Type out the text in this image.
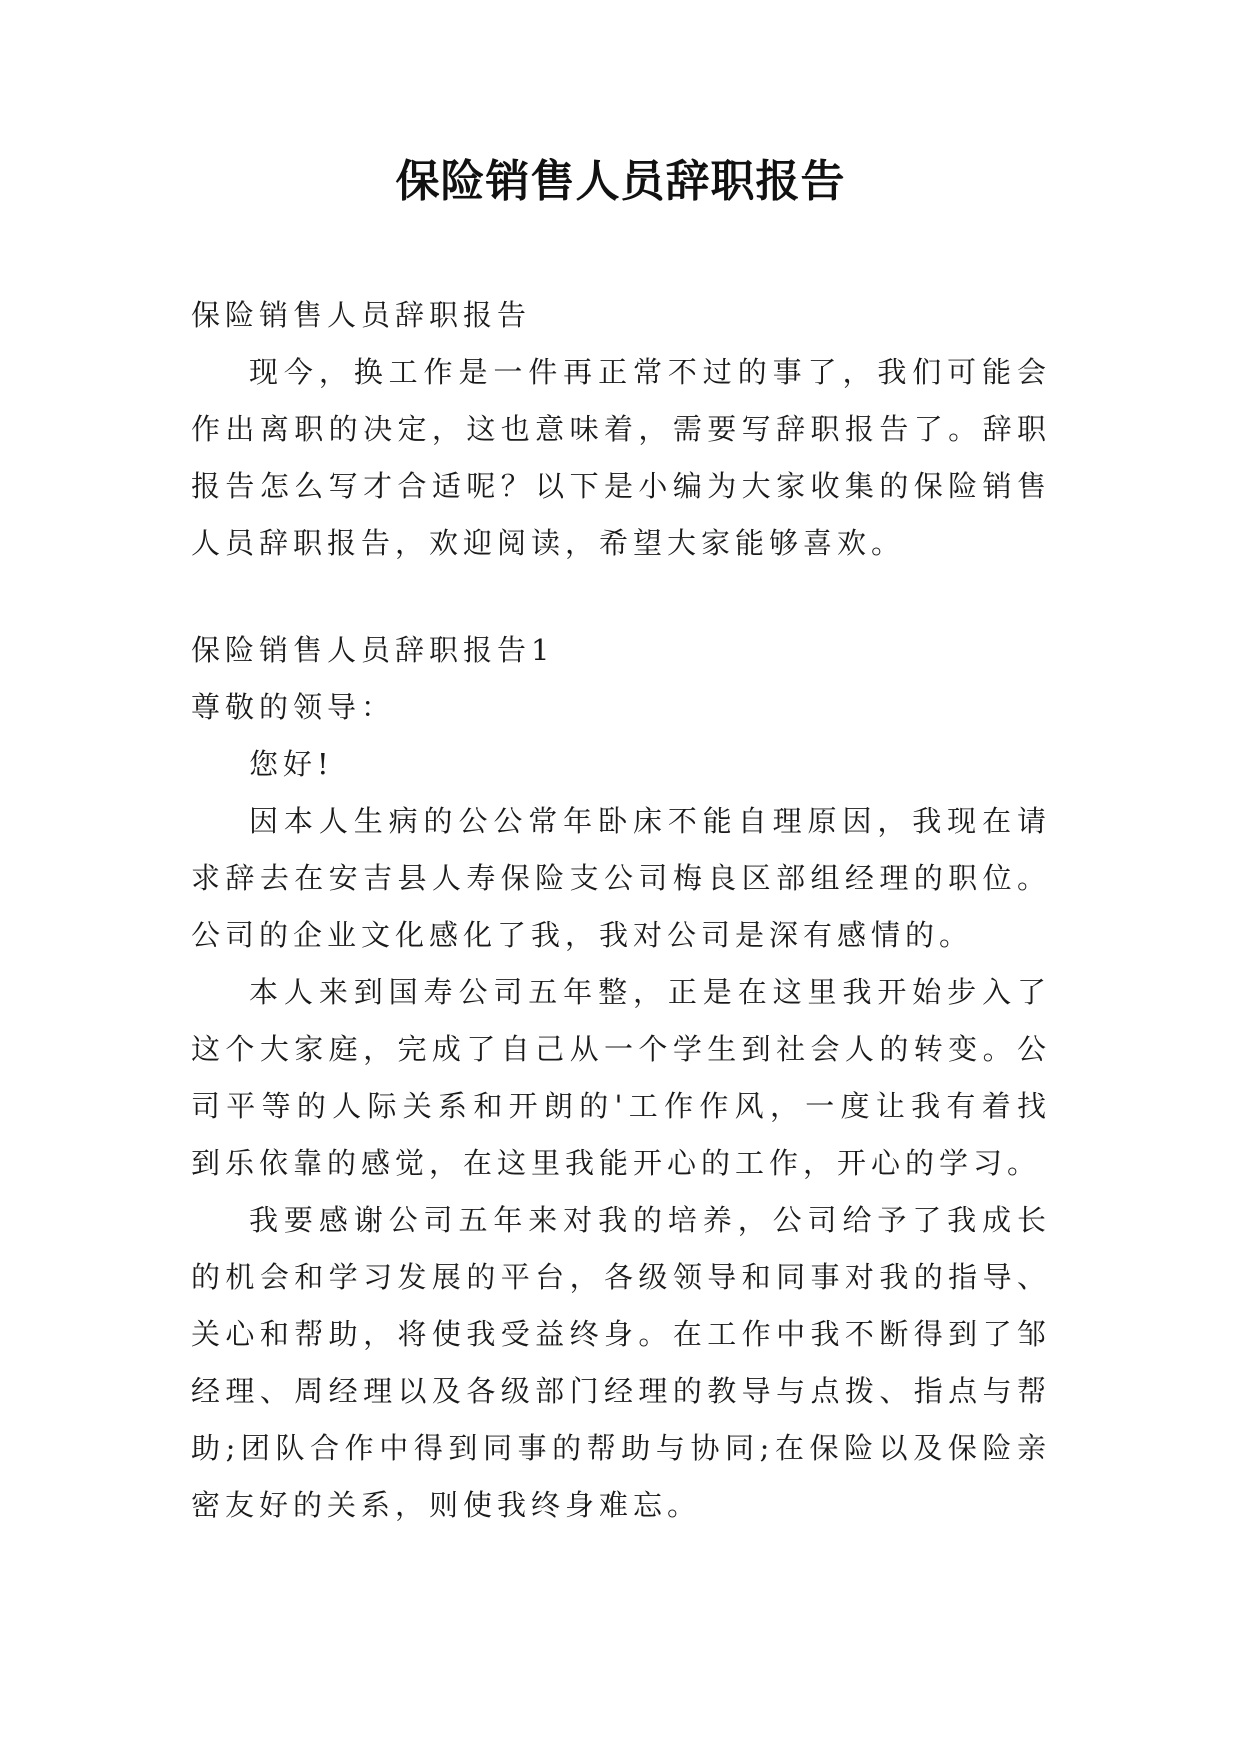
保险销售人员辞职报告

保险销售人员辞职报告

现今，换工作是一件再正常不过的事了，我们可能会作出离职的决定，这也意味着，需要写辞职报告了。辞职报告怎么写才合适呢？以下是小编为大家收集的保险销售人员辞职报告，欢迎阅读，希望大家能够喜欢。

保险销售人员辞职报告1

尊敬的领导：

您好!

因本人生病的公公常年卧床不能自理原因，我现在请求辞去在安吉县人寿保险支公司梅良区部组经理的职位。公司的企业文化感化了我，我对公司是深有感情的。

本人来到国寿公司五年整，正是在这里我开始步入了这个大家庭，完成了自己从一个学生到社会人的转变。公司平等的人际关系和开朗的'工作作风，一度让我有着找到乐依靠的感觉，在这里我能开心的工作，开心的学习。

我要感谢公司五年来对我的培养，公司给予了我成长的机会和学习发展的平台，各级领导和同事对我的指导、关心和帮助，将使我受益终身。在工作中我不断得到了邹经理、周经理以及各级部门经理的教导与点拨、指点与帮助;团队合作中得到同事的帮助与协同;在保险以及保险亲密友好的关系，则使我终身难忘。
